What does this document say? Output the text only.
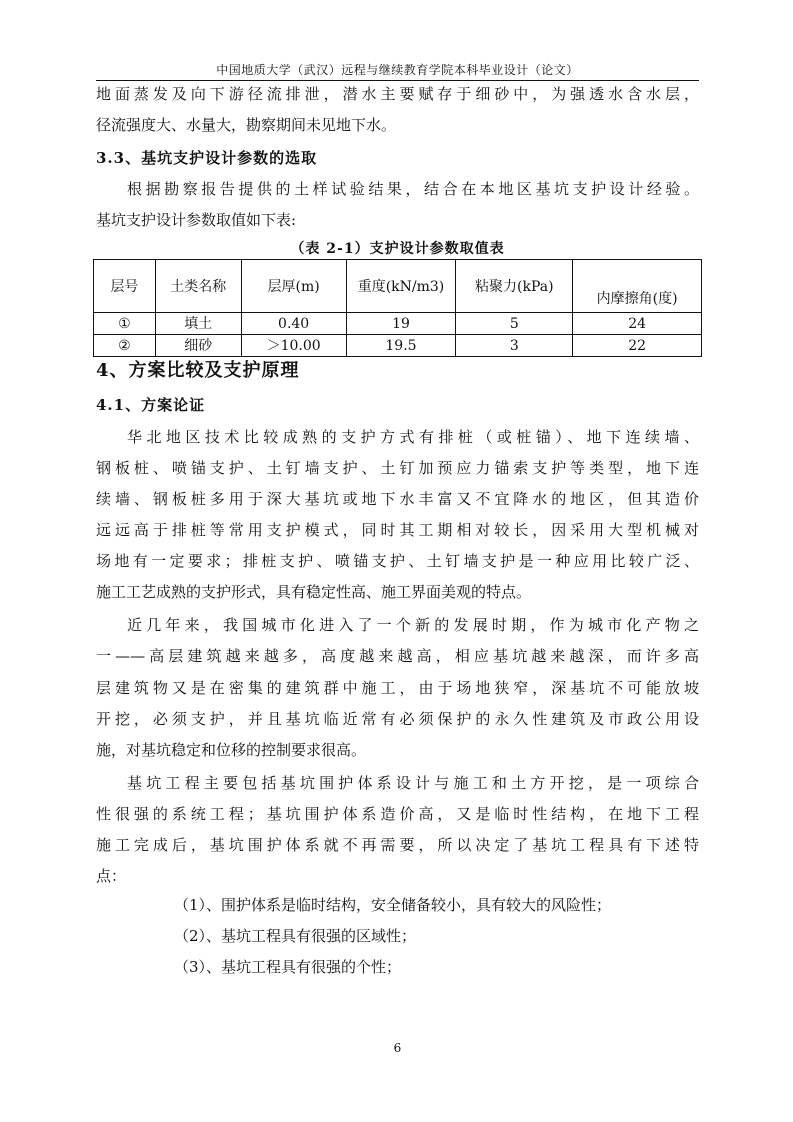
中国地质大学（武汉）远程与继续教育学院本科毕业设计（论文）
地面蒸发及向下游径流排泄，潜水主要赋存于细砂中，为强透水含水层，
径流强度大、水量大，勘察期间未见地下水。
3.3、基坑支护设计参数的选取
根据勘察报告提供的土样试验结果，结合在本地区基坑支护设计经验。
基坑支护设计参数取值如下表:
（表 2-1）支护设计参数取值表
层号	土类名称	层厚(m)	重度(kN/m3)	粘聚力(kPa)	内摩擦角(度)
①	填土	0.40	19	5	24
②	细砂	＞10.00	19.5	3	22
4、方案比较及支护原理
4.1、方案论证
华北地区技术比较成熟的支护方式有排桩（或桩锚）、地下连续墙、
钢板桩、喷锚支护、土钉墙支护、土钉加预应力锚索支护等类型，地下连
续墙、钢板桩多用于深大基坑或地下水丰富又不宜降水的地区，但其造价
远远高于排桩等常用支护模式，同时其工期相对较长，因采用大型机械对
场地有一定要求；排桩支护、喷锚支护、土钉墙支护是一种应用比较广泛、
施工工艺成熟的支护形式，具有稳定性高、施工界面美观的特点。
近几年来，我国城市化进入了一个新的发展时期，作为城市化产物之
一——高层建筑越来越多，高度越来越高，相应基坑越来越深，而许多高
层建筑物又是在密集的建筑群中施工，由于场地狭窄，深基坑不可能放坡
开挖，必须支护，并且基坑临近常有必须保护的永久性建筑及市政公用设
施，对基坑稳定和位移的控制要求很高。
基坑工程主要包括基坑围护体系设计与施工和土方开挖，是一项综合
性很强的系统工程；基坑围护体系造价高，又是临时性结构，在地下工程
施工完成后，基坑围护体系就不再需要，所以决定了基坑工程具有下述特
点：
（1）、围护体系是临时结构，安全储备较小，具有较大的风险性；
（2）、基坑工程具有很强的区域性；
（3）、基坑工程具有很强的个性；
6
